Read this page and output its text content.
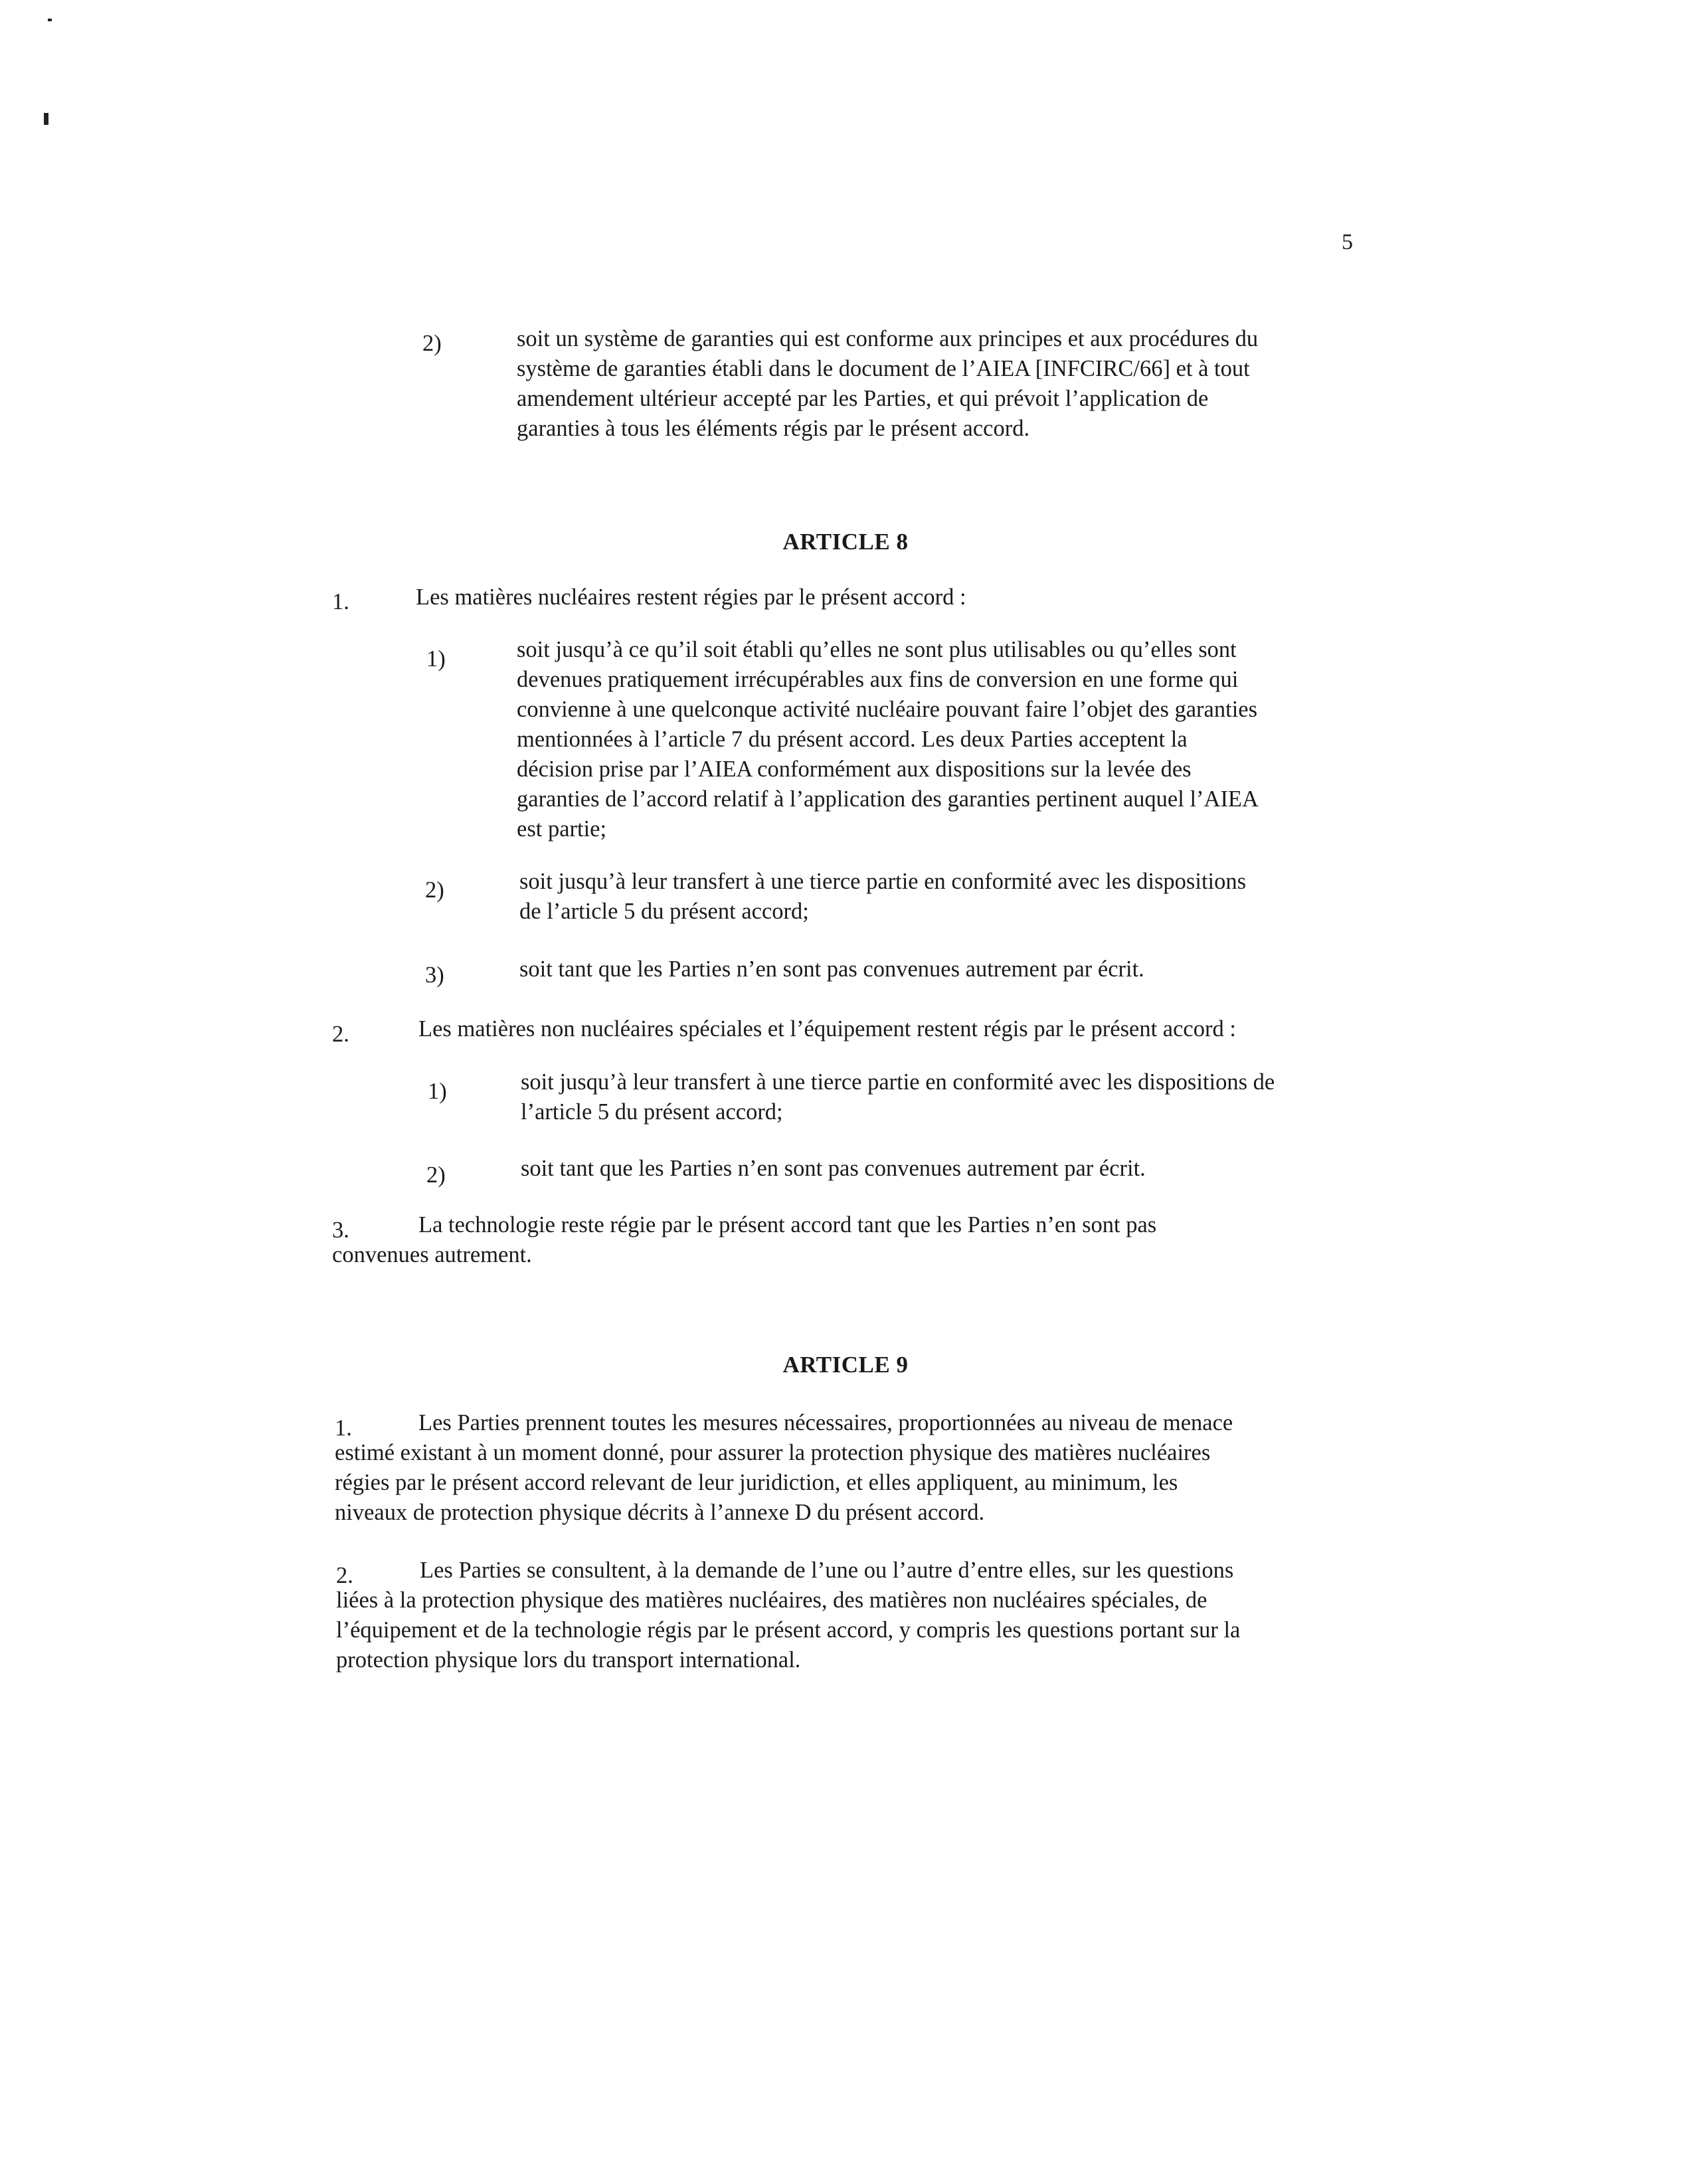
5
2)	soit un système de garanties qui est conforme aux principes et aux procédures du
système de garanties établi dans le document de l’AIEA [INFCIRC/66] et à tout
amendement ultérieur accepté par les Parties, et qui prévoit l’application de
garanties à tous les éléments régis par le présent accord.
ARTICLE 8
1.	Les matières nucléaires restent régies par le présent accord :
1)	soit jusqu’à ce qu’il soit établi qu’elles ne sont plus utilisables ou qu’elles sont
devenues pratiquement irrécupérables aux fins de conversion en une forme qui
convienne à une quelconque activité nucléaire pouvant faire l’objet des garanties
mentionnées à l’article 7 du présent accord. Les deux Parties acceptent la
décision prise par l’AIEA conformément aux dispositions sur la levée des
garanties de l’accord relatif à l’application des garanties pertinent auquel l’AIEA
est partie;
2)	soit jusqu’à leur transfert à une tierce partie en conformité avec les dispositions
de l’article 5 du présent accord;
3)	soit tant que les Parties n’en sont pas convenues autrement par écrit.
2.	Les matières non nucléaires spéciales et l’équipement restent régis par le présent accord :
1)	soit jusqu’à leur transfert à une tierce partie en conformité avec les dispositions de
l’article 5 du présent accord;
2)	soit tant que les Parties n’en sont pas convenues autrement par écrit.
3.	La technologie reste régie par le présent accord tant que les Parties n’en sont pas
convenues autrement.
ARTICLE 9
1.	Les Parties prennent toutes les mesures nécessaires, proportionnées au niveau de menace
estimé existant à un moment donné, pour assurer la protection physique des matières nucléaires
régies par le présent accord relevant de leur juridiction, et elles appliquent, au minimum, les
niveaux de protection physique décrits à l’annexe D du présent accord.
2.	Les Parties se consultent, à la demande de l’une ou l’autre d’entre elles, sur les questions
liées à la protection physique des matières nucléaires, des matières non nucléaires spéciales, de
l’équipement et de la technologie régis par le présent accord, y compris les questions portant sur la
protection physique lors du transport international.
